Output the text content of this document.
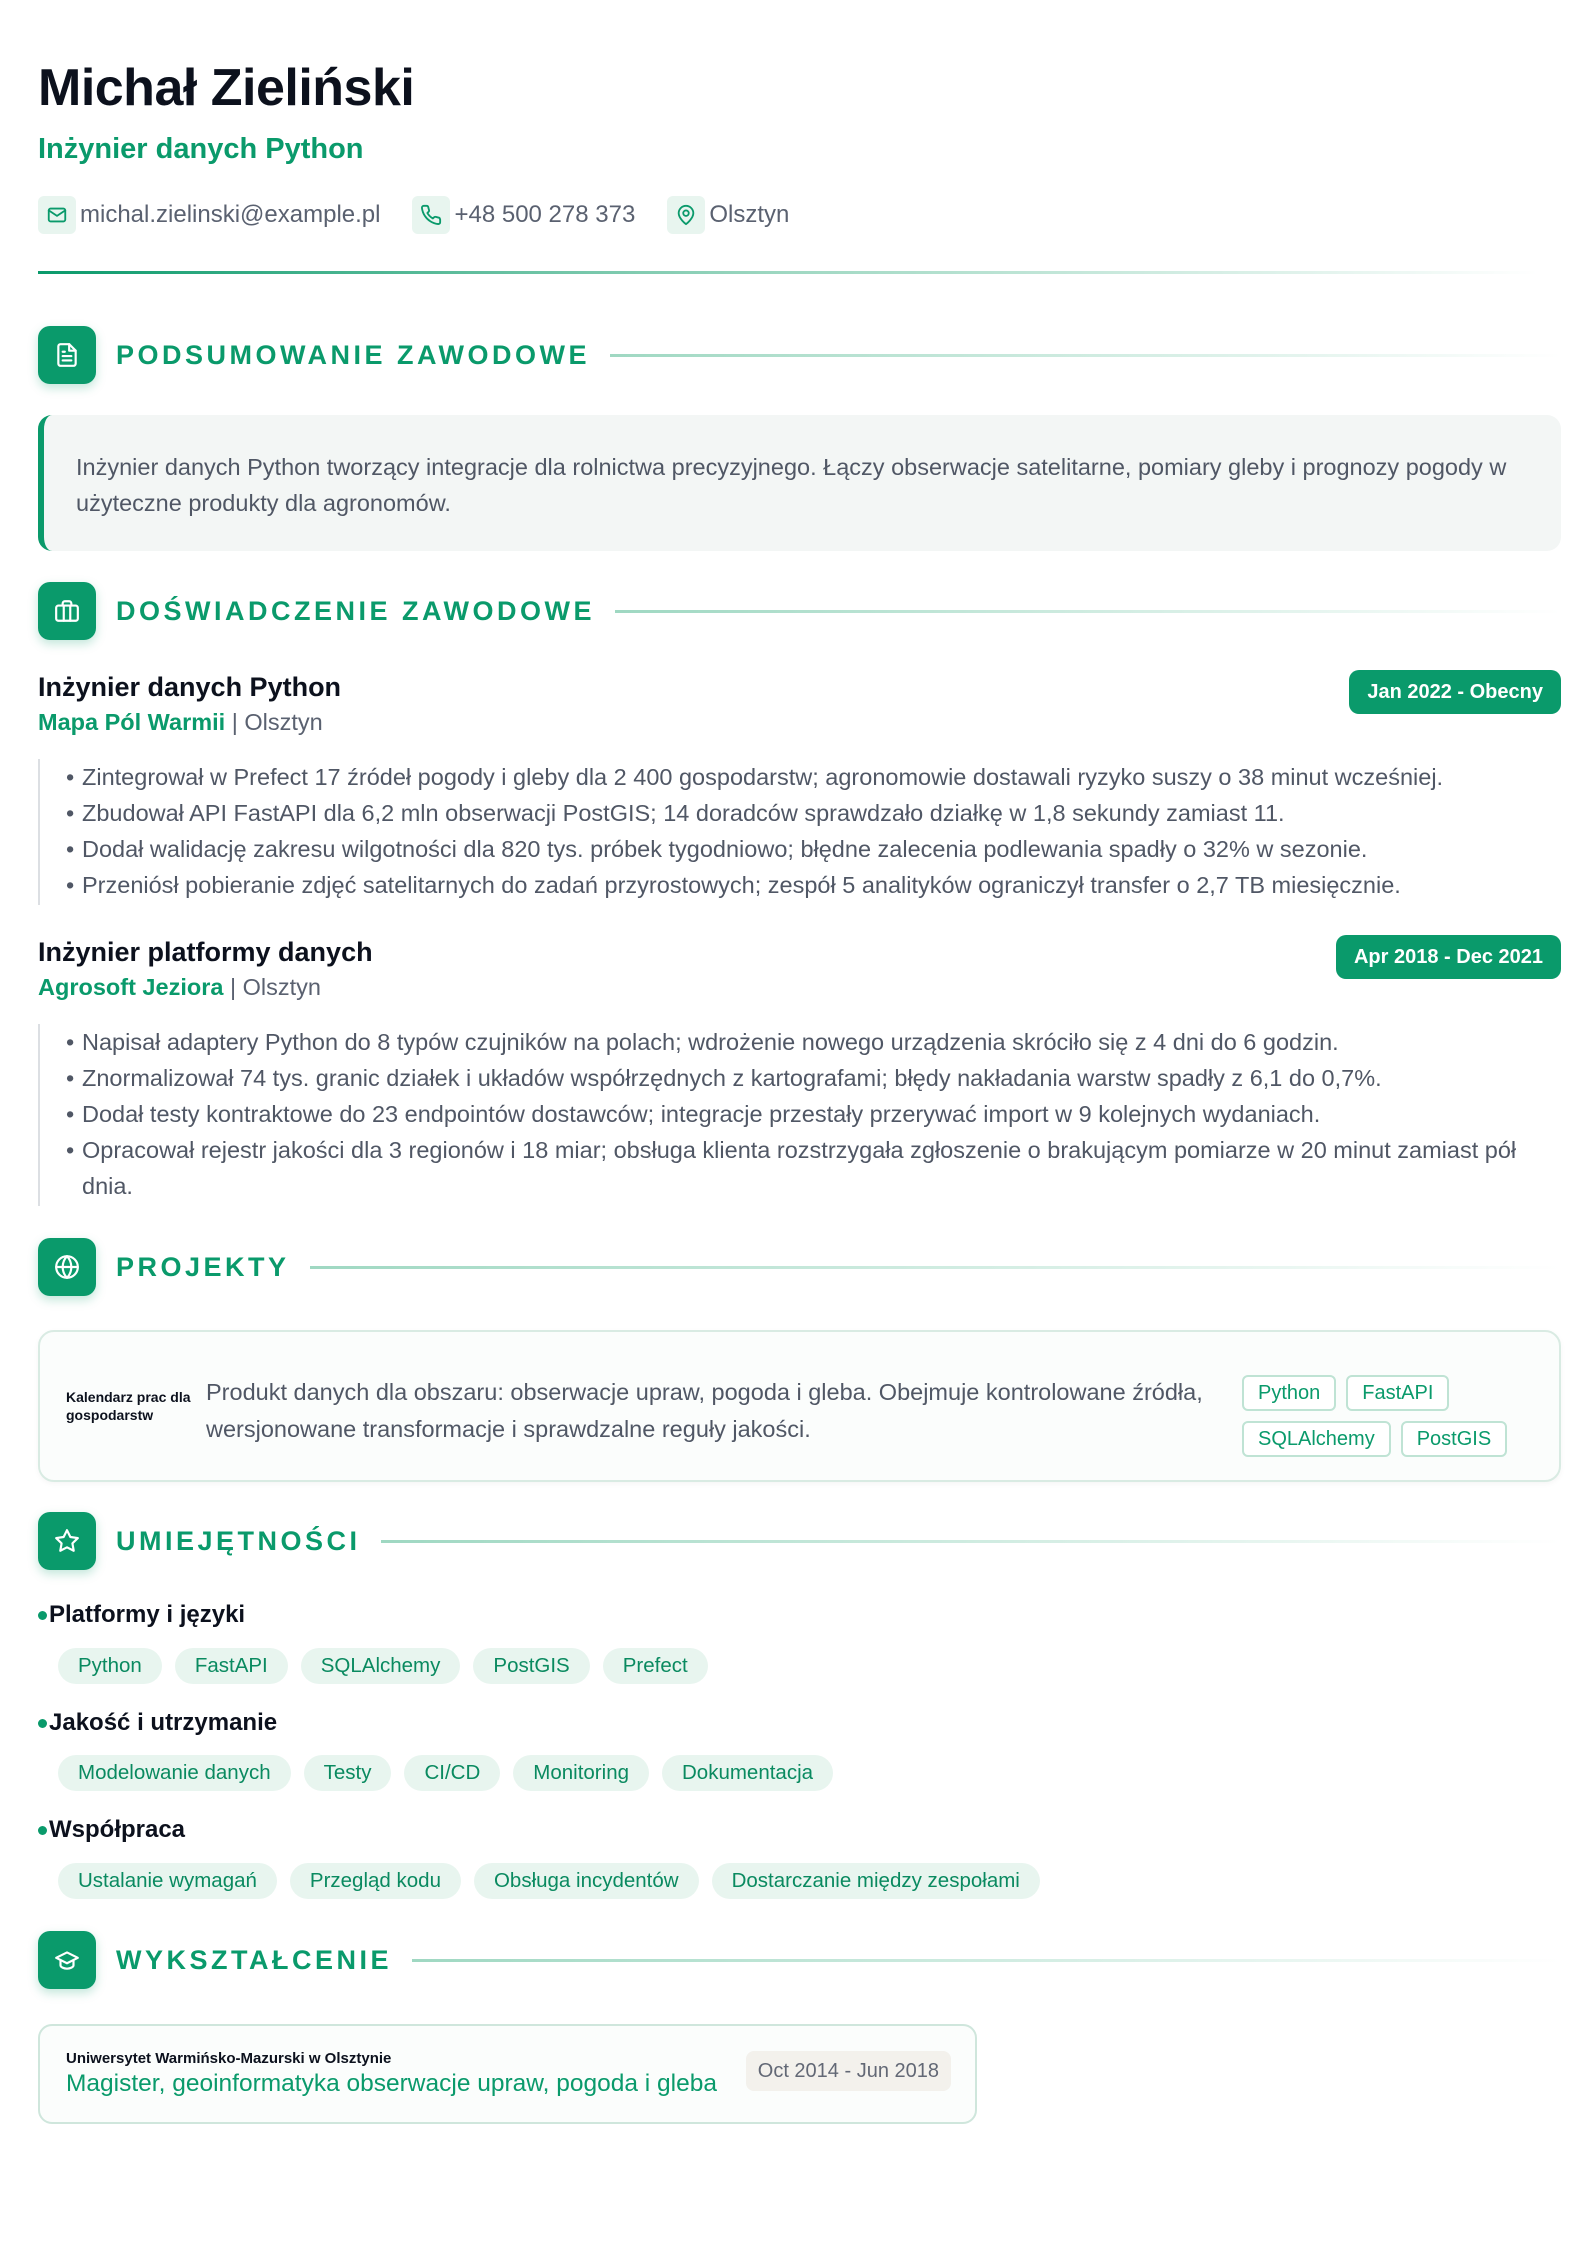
Michał Zieliński
Inżynier danych Python
michal.zielinski@example.pl	+48 500 278 373	Olsztyn
PODSUMOWANIE ZAWODOWE
Inżynier danych Python tworzący integracje dla rolnictwa precyzyjnego. Łączy obserwacje satelitarne, pomiary gleby i prognozy pogody w użyteczne produkty dla agronomów.
DOŚWIADCZENIE ZAWODOWE
Inżynier danych Python	Jan 2022 - Obecny
Mapa Pól Warmii | Olsztyn
• Zintegrował w Prefect 17 źródeł pogody i gleby dla 2 400 gospodarstw; agronomowie dostawali ryzyko suszy o 38 minut wcześniej.
• Zbudował API FastAPI dla 6,2 mln obserwacji PostGIS; 14 doradców sprawdzało działkę w 1,8 sekundy zamiast 11.
• Dodał walidację zakresu wilgotności dla 820 tys. próbek tygodniowo; błędne zalecenia podlewania spadły o 32% w sezonie.
• Przeniósł pobieranie zdjęć satelitarnych do zadań przyrostowych; zespół 5 analityków ograniczył transfer o 2,7 TB miesięcznie.
Inżynier platformy danych	Apr 2018 - Dec 2021
Agrosoft Jeziora | Olsztyn
• Napisał adaptery Python do 8 typów czujników na polach; wdrożenie nowego urządzenia skróciło się z 4 dni do 6 godzin.
• Znormalizował 74 tys. granic działek i układów współrzędnych z kartografami; błędy nakładania warstw spadły z 6,1 do 0,7%.
• Dodał testy kontraktowe do 23 endpointów dostawców; integracje przestały przerywać import w 9 kolejnych wydaniach.
• Opracował rejestr jakości dla 3 regionów i 18 miar; obsługa klienta rozstrzygała zgłoszenie o brakującym pomiarze w 20 minut zamiast pół dnia.
PROJEKTY
Kalendarz prac dla gospodarstw
Produkt danych dla obszaru: obserwacje upraw, pogoda i gleba. Obejmuje kontrolowane źródła, wersjonowane transformacje i sprawdzalne reguły jakości.
Python	FastAPI
SQLAlchemy	PostGIS
UMIEJĘTNOŚCI
Platformy i języki
Python	FastAPI	SQLAlchemy	PostGIS	Prefect
Jakość i utrzymanie
Modelowanie danych	Testy	CI/CD	Monitoring	Dokumentacja
Współpraca
Ustalanie wymagań	Przegląd kodu	Obsługa incydentów	Dostarczanie między zespołami
WYKSZTAŁCENIE
Uniwersytet Warmińsko-Mazurski w Olsztynie
Magister, geoinformatyka obserwacje upraw, pogoda i gleba	Oct 2014 - Jun 2018
